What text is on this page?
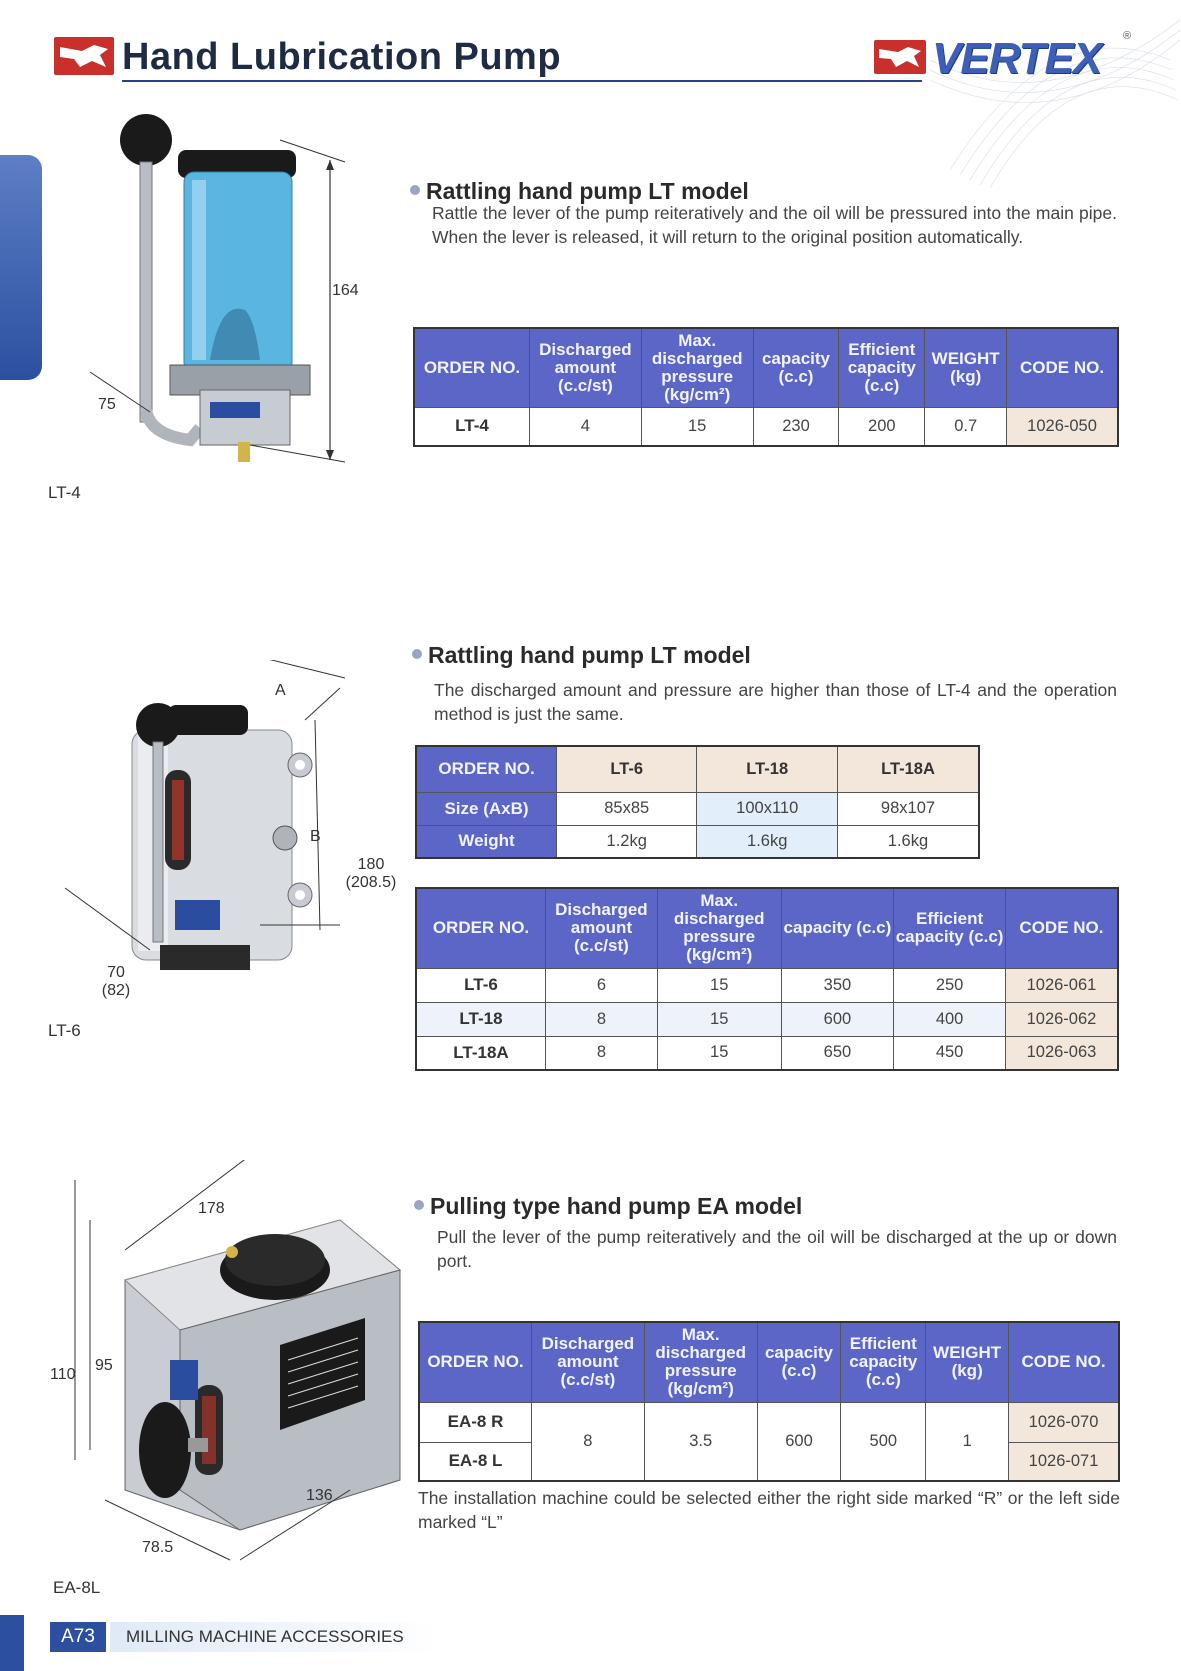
Hand Lubrication Pump	VERTEX ®
164
75
LT-4
Rattling hand pump LT model
Rattle the lever of the pump reiteratively and the oil will be pressured into the main pipe. When the lever is released, it will return to the original position automatically.
ORDER NO.	Discharged amount (c.c/st)	Max. discharged pressure (kg/cm²)	capacity (c.c)	Efficient capacity (c.c)	WEIGHT (kg)	CODE NO.
LT-4	4	15	230	200	0.7	1026-050
A
B
180
(208.5)
70
(82)
LT-6
Rattling hand pump LT model
The discharged amount and pressure are higher than those of LT-4 and the operation method is just the same.
ORDER NO.	LT-6	LT-18	LT-18A
Size (AxB)	85x85	100x110	98x107
Weight	1.2kg	1.6kg	1.6kg
ORDER NO.	Discharged amount (c.c/st)	Max. discharged pressure (kg/cm²)	capacity (c.c)	Efficient capacity (c.c)	CODE NO.
LT-6	6	15	350	250	1026-061
LT-18	8	15	600	400	1026-062
LT-18A	8	15	650	450	1026-063
178
110
95
136
78.5
EA-8L
Pulling type hand pump EA model
Pull the lever of the pump reiteratively and the oil will be discharged at the up or down port.
ORDER NO.	Discharged amount (c.c/st)	Max. discharged pressure (kg/cm²)	capacity (c.c)	Efficient capacity (c.c)	WEIGHT (kg)	CODE NO.
EA-8 R	8	3.5	600	500	1	1026-070
EA-8 L						1026-071
The installation machine could be selected either the right side marked “R” or the left side marked “L”
A73	MILLING MACHINE ACCESSORIES
